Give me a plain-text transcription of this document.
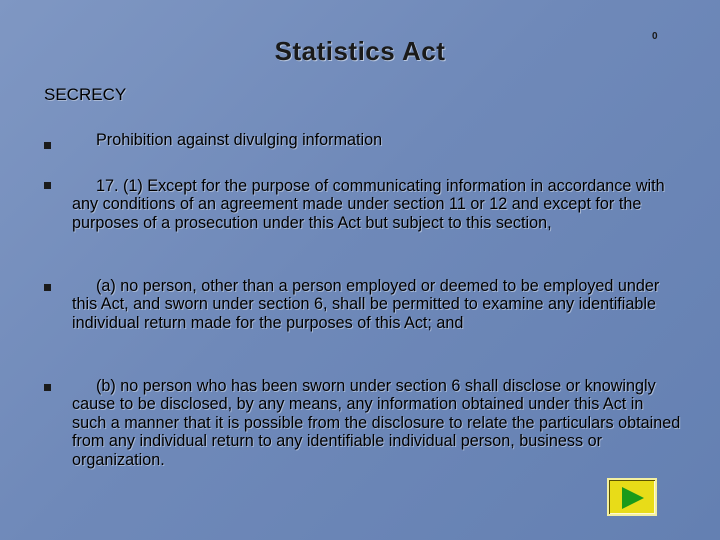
Statistics Act	0
SECRECY
Prohibition against divulging information
17. (1) Except for the purpose of communicating information in accordance with any conditions of an agreement made under section 11 or 12 and except for the purposes of a prosecution under this Act but subject to this section,
(a) no person, other than a person employed or deemed to be employed under this Act, and sworn under section 6, shall be permitted to examine any identifiable individual return made for the purposes of this Act; and
(b) no person who has been sworn under section 6 shall disclose or knowingly cause to be disclosed, by any means, any information obtained under this Act in such a manner that it is possible from the disclosure to relate the particulars obtained from any individual return to any identifiable individual person, business or organization.
